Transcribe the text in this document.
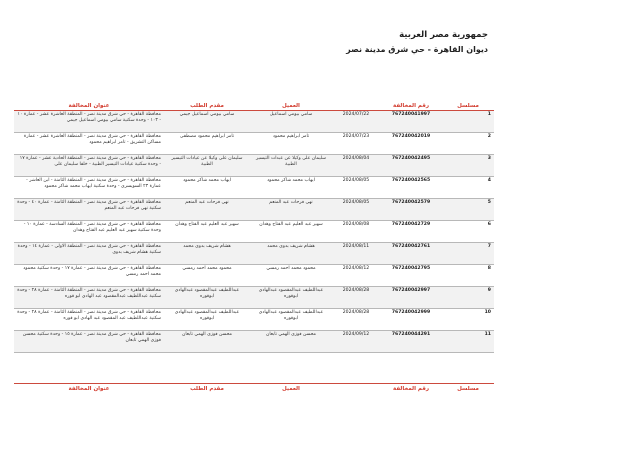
جمهورية مصر العربية
ديوان القاهرة - حي شرق مدينة نصر
مسلسل	رقم المخالفة		العميل	مقدم الطلب	عنوان المخالفة
1	767240041997	2024/07/22	سامي بيومي اسماعيل	سامي بيومي اسماعيل جيمي	محافظة القاهرة - حي شرق مدينة نصر - المنطقة العاشرة عشر - عمارة ١٠ - ١٠٣ - وحدة سكنية سامي بيومي اسماعيل جيمي
2	767240042019	2024/07/23	تامر ابراهيم محمود	تامر ابراهيم محمود مصطفى	محافظة القاهرة - حي شرق مدينة نصر - المنطقة العاشرة عشر - عمارة مساكن التشريق - تامر ابراهيم محمود
3	767240042495	2024/08/04	سليمان على وكيلا عن عبدات التيسير الطبية	سليمان على وكيلا عن عيادات التيسير الطبية	محافظة القاهرة - حي شرق مدينة نصر - المنطقة الحادية عشر - عمارة ١٧ - وحدة سكنية عيادات التيسير الطبية - خلفا سليمان على
4	767240042565	2024/08/05	ايهاب محمد شاكر محمود	ايهاب محمد شاكر محمود	محافظة القاهرة - حي شرق مدينة نصر - المنطقة الثامنة - ابن العاشر - عمارة ٢٣ السويسري - وحدة سكنية ايهاب محمد شاكر محمود
5	767240042579	2024/08/05	نهى فرحات عبد المنعم	نهى فرحات عبد المنعم	محافظة القاهرة - حي شرق مدينة نصر - المنطقة الثامنة - عمارة ٤٠ - وحدة سكنية نهى فرحات عبد المنعم
6	767240042729	2024/08/08	سهير عبد العليم عبد الفتاح وهدان	سهير عبد العليم عبد الفتاح وهدان	محافظة القاهرة - حي شرق مدينة نصر - المنطقة السادسة - عمارة ١٠ - وحدة سكنية سهير عبد العليم عبد الفتاح وهدان
7	767240042761	2024/08/11	هشام شريف بدوي محمد	هشام شريف بدوي محمد	محافظة القاهرة - حي شرق مدينة نصر - المنطقة الاولى - عمارة ١٤ - وحدة سكنية هشام شريف بدوي
8	767240042795	2024/08/12	محمود محمد احمد رمسي	محمود محمد احمد رمسي	محافظة القاهرة - حي شرق مدينة نصر - عمارة ١٧ - وحدة سكنية محمود محمد احمد رمسي
9	767240042997	2024/08/28	عبداللطيف عبدالمقصود عبدالهادي ابوقوره	عبداللطيف عبدالمقصود عبدالهادي ابوقوره	محافظة القاهرة - حي شرق مدينة نصر - المنطقة الثامنة - عمارة ٢٨ - وحدة سكنية عبداللطيف عبدالمقصود عبد الهادي ابو قوره
10	767240042999	2024/08/28	عبداللطيف عبدالمقصود عبدالهادي ابوقوره	عبداللطيف عبدالمقصود عبدالهادي ابوقوره	محافظة القاهرة - حي شرق مدينة نصر - المنطقة الثامنة - عمارة ٢٨ - وحدة سكنية عبداللطيف عبد المقصود عبد الهادي ابو قوره
11	767240044291	2024/09/12	محسن فوزي الهمي تابعان	محسن فوزي الهمي تابعان	محافظة القاهرة - حي شرق مدينة نصر - عمارة ١٥ - وحدة سكنية محسن فوزي الهمي تابعان

مسلسل	رقم المخالفة		العميل	مقدم الطلب	عنوان المخالفة
